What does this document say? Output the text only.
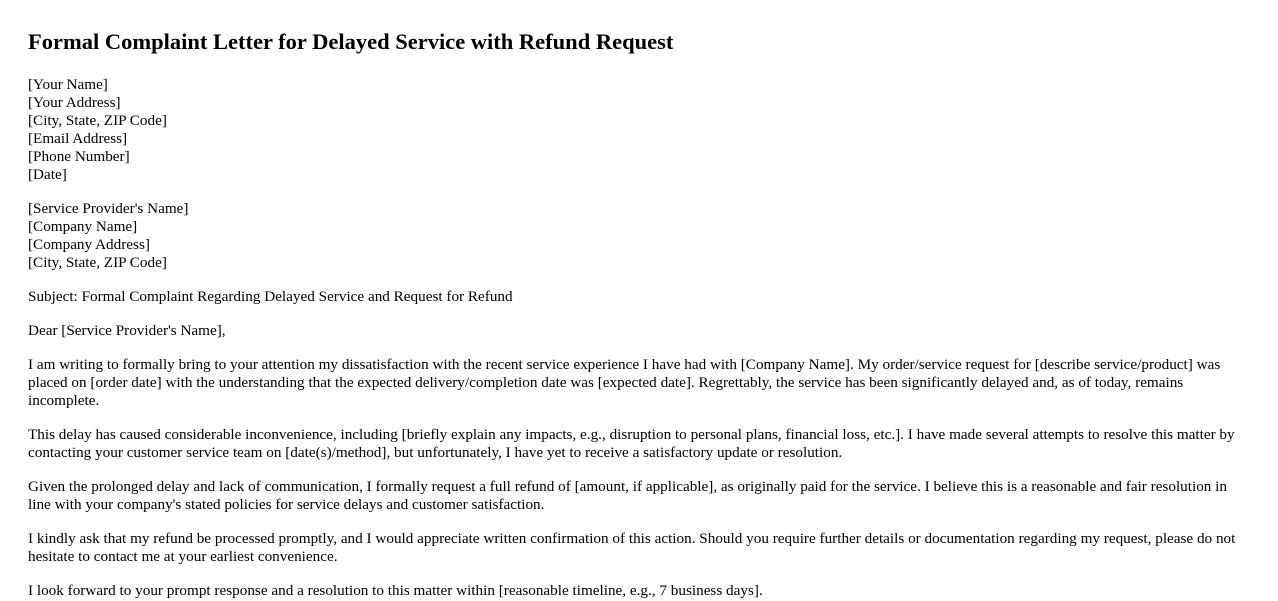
Formal Complaint Letter for Delayed Service with Refund Request
[Your Name]
[Your Address]
[City, State, ZIP Code]
[Email Address]
[Phone Number]
[Date]
[Service Provider's Name]
[Company Name]
[Company Address]
[City, State, ZIP Code]

Subject: Formal Complaint Regarding Delayed Service and Request for Refund

Dear [Service Provider's Name],

I am writing to formally bring to your attention my dissatisfaction with the recent service experience I have had with [Company Name]. My order/service request for [describe service/product] was placed on [order date] with the understanding that the expected delivery/completion date was [expected date]. Regrettably, the service has been significantly delayed and, as of today, remains incomplete.

This delay has caused considerable inconvenience, including [briefly explain any impacts, e.g., disruption to personal plans, financial loss, etc.]. I have made several attempts to resolve this matter by contacting your customer service team on [date(s)/method], but unfortunately, I have yet to receive a satisfactory update or resolution.

Given the prolonged delay and lack of communication, I formally request a full refund of [amount, if applicable], as originally paid for the service. I believe this is a reasonable and fair resolution in line with your company's stated policies for service delays and customer satisfaction.

I kindly ask that my refund be processed promptly, and I would appreciate written confirmation of this action. Should you require further details or documentation regarding my request, please do not hesitate to contact me at your earliest convenience.

I look forward to your prompt response and a resolution to this matter within [reasonable timeline, e.g., 7 business days].
